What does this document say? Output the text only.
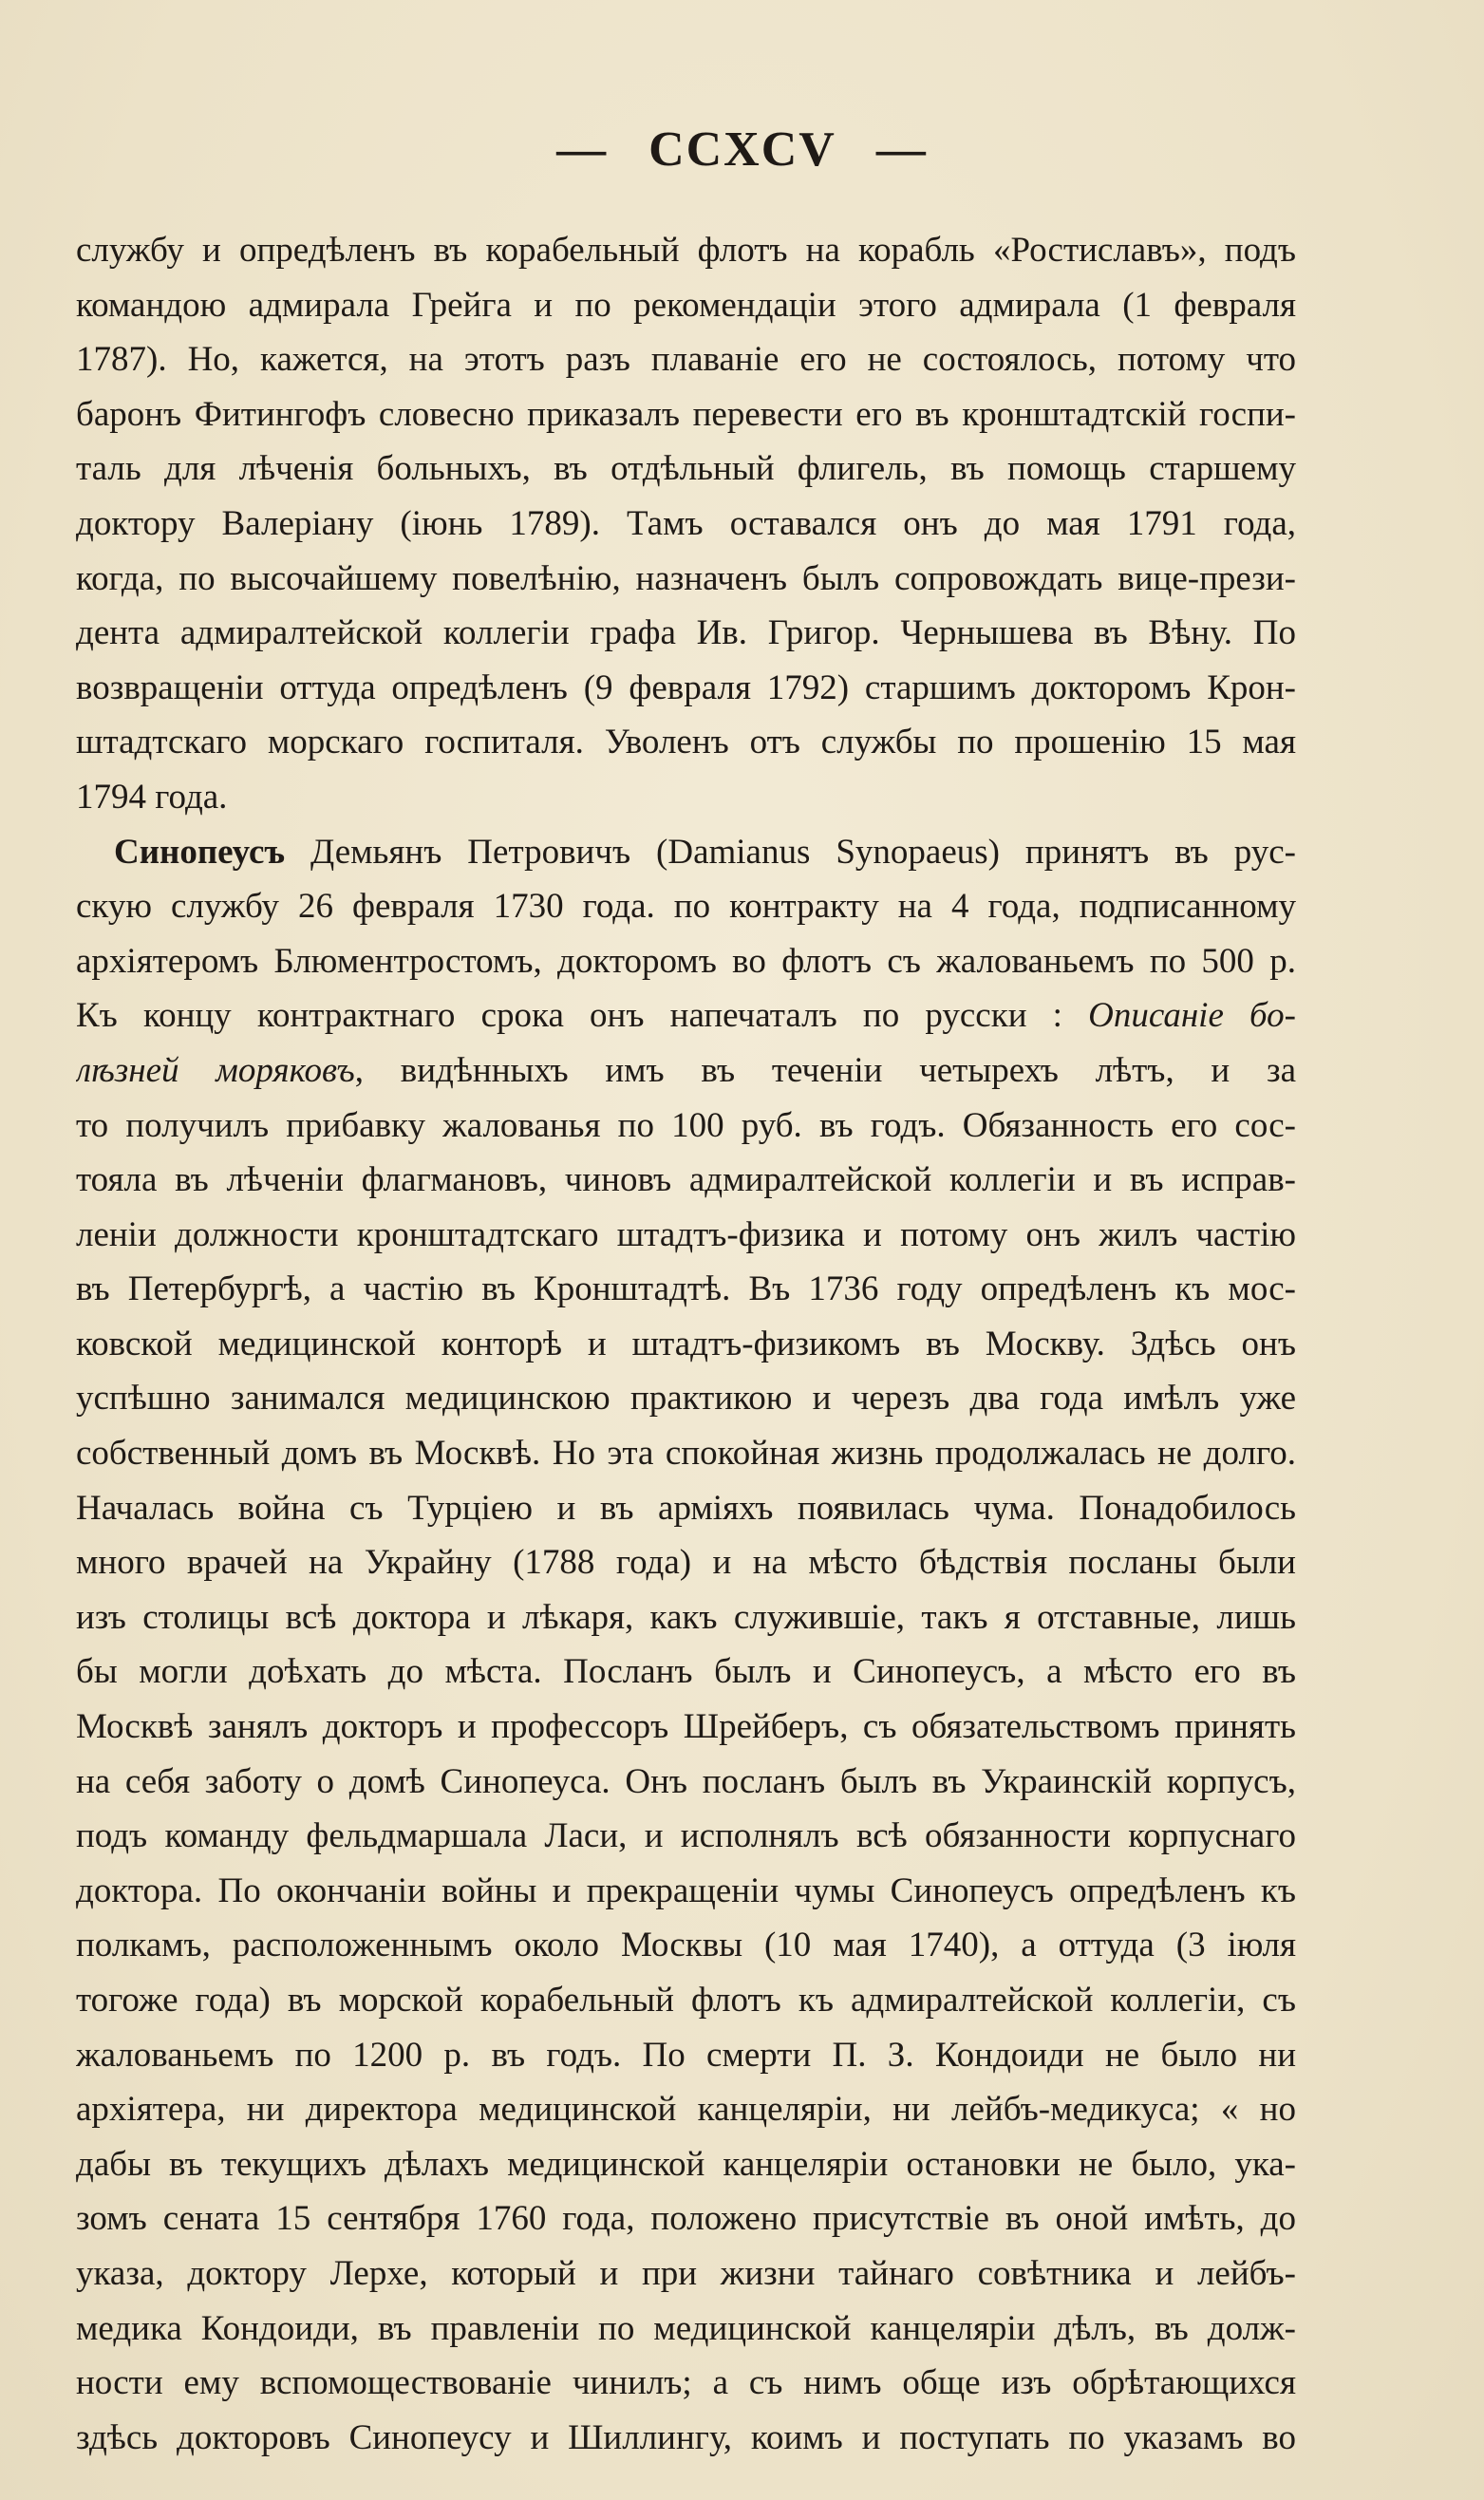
— CCXCV —
службу и опредѣленъ въ корабельный флотъ на корабль «Ростиславъ», подъ
командою адмирала Грейга и по рекомендаціи этого адмирала (1 февраля
1787). Но, кажется, на этотъ разъ плаваніе его не состоялось, потому что
баронъ Фитингофъ словесно приказалъ перевести его въ кронштадтскій госпи-
таль для лѣченія больныхъ, въ отдѣльный флигель, въ помощь старшему
доктору Валеріану (іюнь 1789). Тамъ оставался онъ до мая 1791 года,
когда, по высочайшему повелѣнію, назначенъ былъ сопровождать вице-прези-
дента адмиралтейской коллегіи графа Ив. Григор. Чернышева въ Вѣну. По
возвращеніи оттуда опредѣленъ (9 февраля 1792) старшимъ докторомъ Крон-
штадтскаго морскаго госпиталя. Уволенъ отъ службы по прошенію 15 мая
1794 года.
Синопеусъ Демьянъ Петровичъ (Damianus Synopaeus) принятъ въ рус-
скую службу 26 февраля 1730 года. по контракту на 4 года, подписанному
архіятеромъ Блюментростомъ, докторомъ во флотъ съ жалованьемъ по 500 р.
Къ концу контрактнаго срока онъ напечаталъ по русски : Описаніе бо-
лѣзней моряковъ, видѣнныхъ имъ въ теченіи четырехъ лѣтъ, и за
то получилъ прибавку жалованья по 100 руб. въ годъ. Обязанность его сос-
тояла въ лѣченіи флагмановъ, чиновъ адмиралтейской коллегіи и въ исправ-
леніи должности кронштадтскаго штадтъ-физика и потому онъ жилъ частію
въ Петербургѣ, а частію въ Кронштадтѣ. Въ 1736 году опредѣленъ къ мос-
ковской медицинской конторѣ и штадтъ-физикомъ въ Москву. Здѣсь онъ
успѣшно занимался медицинскою практикою и черезъ два года имѣлъ уже
собственный домъ въ Москвѣ. Но эта спокойная жизнь продолжалась не долго.
Началась война съ Турціею и въ арміяхъ появилась чума. Понадобилось
много врачей на Украйну (1788 года) и на мѣсто бѣдствія посланы были
изъ столицы всѣ доктора и лѣкаря, какъ служившіе, такъ я отставные, лишь
бы могли доѣхать до мѣста. Посланъ былъ и Синопеусъ, а мѣсто его въ
Москвѣ занялъ докторъ и профессоръ Шрейберъ, съ обязательствомъ принять
на себя заботу о домѣ Синопеуса. Онъ посланъ былъ въ Украинскій корпусъ,
подъ команду фельдмаршала Ласи, и исполнялъ всѣ обязанности корпуснаго
доктора. По окончаніи войны и прекращеніи чумы Синопеусъ опредѣленъ къ
полкамъ, расположеннымъ около Москвы (10 мая 1740), а оттуда (3 іюля
тогоже года) въ морской корабельный флотъ къ адмиралтейской коллегіи, съ
жалованьемъ по 1200 р. въ годъ. По смерти П. З. Кондоиди не было ни
архіятера, ни директора медицинской канцеляріи, ни лейбъ-медикуса; « но
дабы въ текущихъ дѣлахъ медицинской канцеляріи остановки не было, ука-
зомъ сената 15 сентября 1760 года, положено присутствіе въ оной имѣть, до
указа, доктору Лерхе, который и при жизни тайнаго совѣтника и лейбъ-
медика Кондоиди, въ правленіи по медицинской канцеляріи дѣлъ, въ долж-
ности ему вспомоществованіе чинилъ; а съ нимъ обще изъ обрѣтающихся
здѣсь докторовъ Синопеусу и Шиллингу, коимъ и поступать по указамъ во
